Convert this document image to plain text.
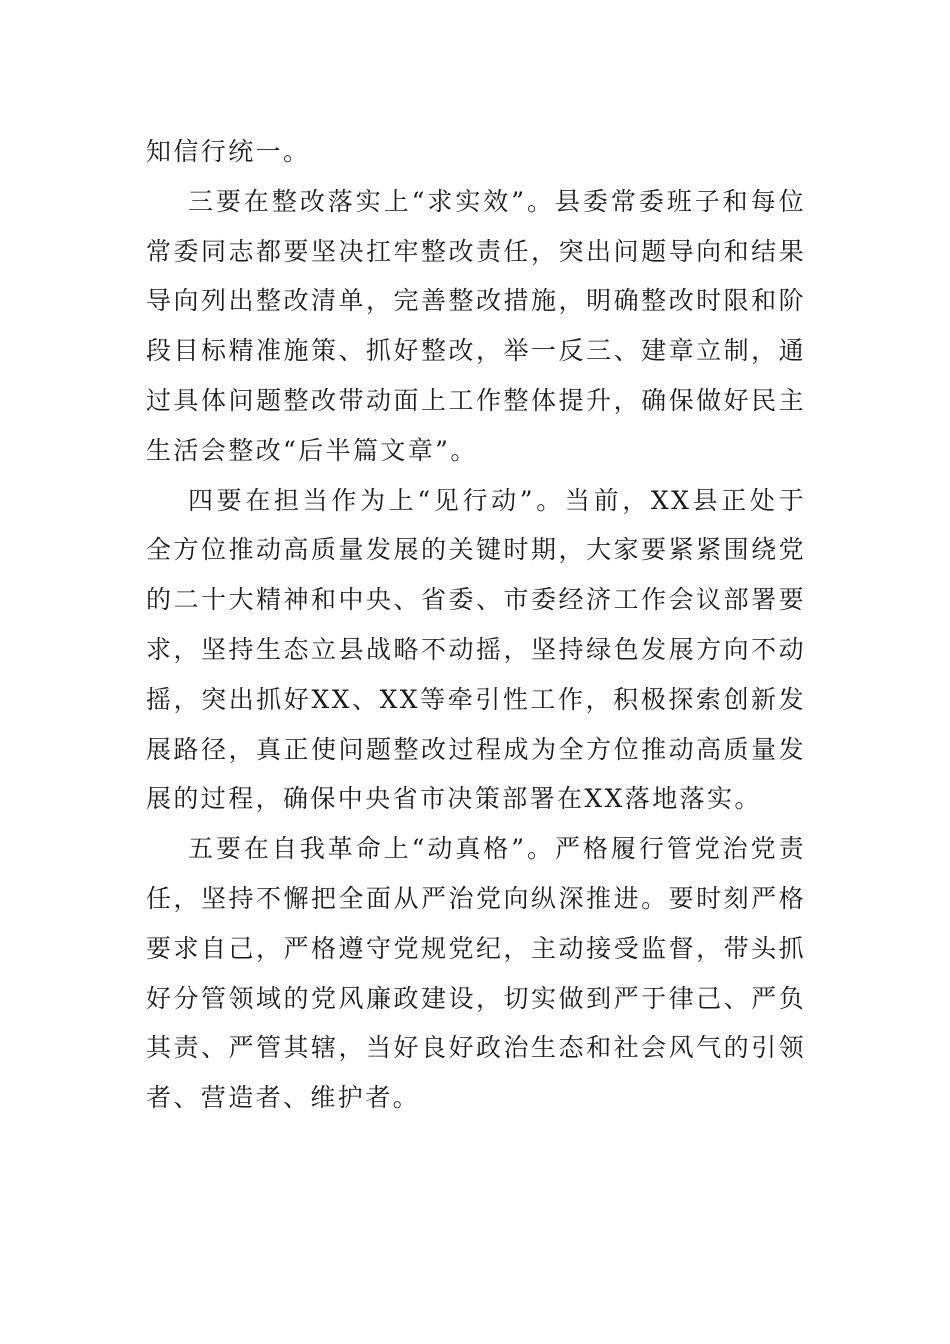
知信行统一。

三要在整改落实上“求实效”。县委常委班子和每位常委同志都要坚决扛牢整改责任，突出问题导向和结果导向列出整改清单，完善整改措施，明确整改时限和阶段目标精准施策、抓好整改，举一反三、建章立制，通过具体问题整改带动面上工作整体提升，确保做好民主生活会整改“后半篇文章”。

四要在担当作为上“见行动”。当前，XX县正处于全方位推动高质量发展的关键时期，大家要紧紧围绕党的二十大精神和中央、省委、市委经济工作会议部署要求，坚持生态立县战略不动摇，坚持绿色发展方向不动摇，突出抓好XX、XX等牵引性工作，积极探索创新发展路径，真正使问题整改过程成为全方位推动高质量发展的过程，确保中央省市决策部署在XX落地落实。

五要在自我革命上“动真格”。严格履行管党治党责任，坚持不懈把全面从严治党向纵深推进。要时刻严格要求自己，严格遵守党规党纪，主动接受监督，带头抓好分管领域的党风廉政建设，切实做到严于律己、严负其责、严管其辖，当好良好政治生态和社会风气的引领者、营造者、维护者。
